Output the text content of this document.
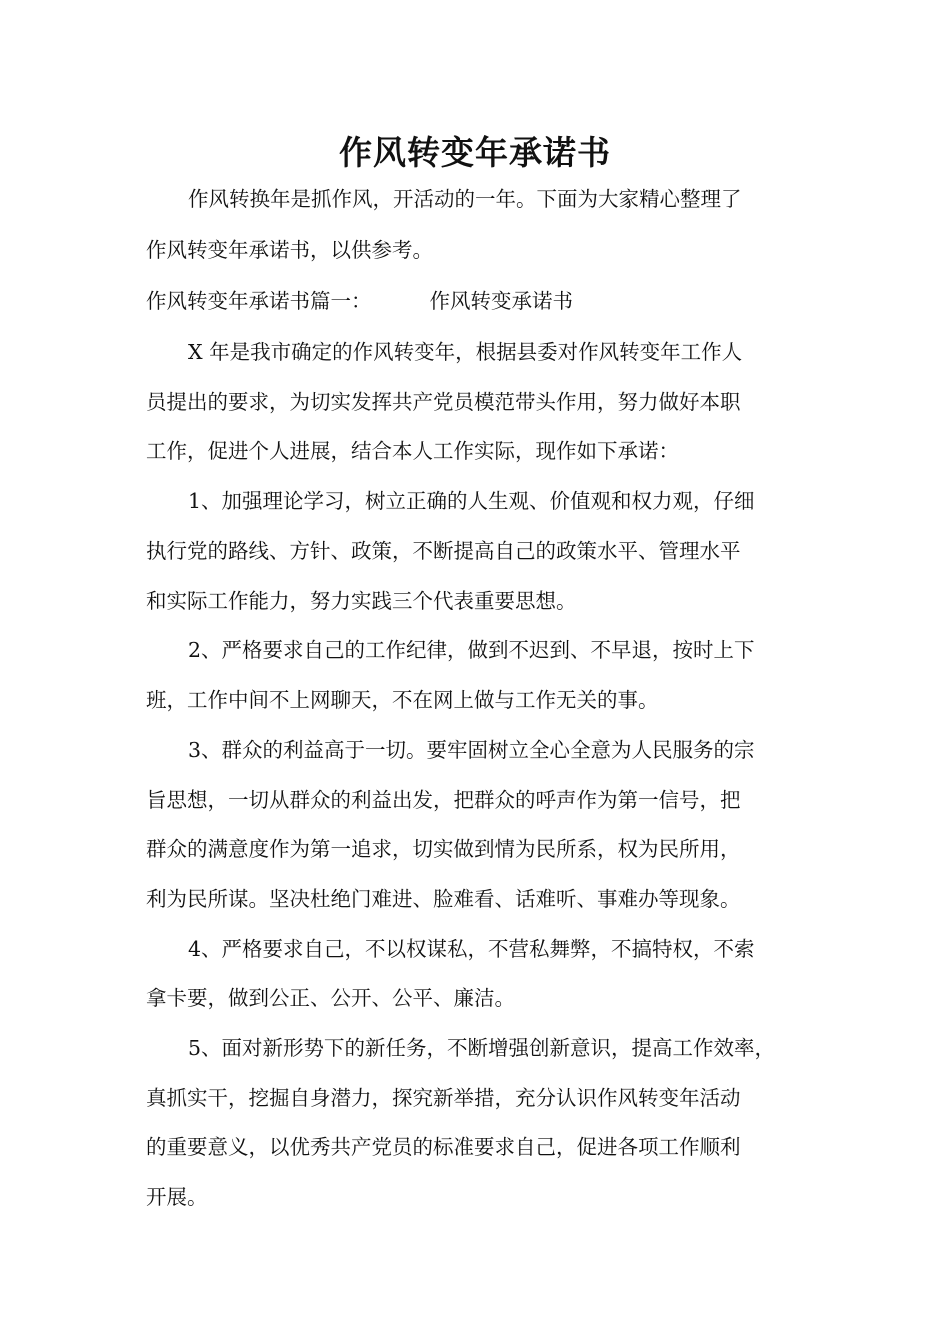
作风转变年承诺书
作风转换年是抓作风，开活动的一年。下面为大家精心整理了
作风转变年承诺书，以供参考。
作风转变年承诺书篇一：	作风转变承诺书
X 年是我市确定的作风转变年，根据县委对作风转变年工作人
员提出的要求，为切实发挥共产党员模范带头作用，努力做好本职
工作，促进个人进展，结合本人工作实际，现作如下承诺：
1、加强理论学习，树立正确的人生观、价值观和权力观，仔细
执行党的路线、方针、政策，不断提高自己的政策水平、管理水平
和实际工作能力，努力实践三个代表重要思想。
2、严格要求自己的工作纪律，做到不迟到、不早退，按时上下
班，工作中间不上网聊天，不在网上做与工作无关的事。
3、群众的利益高于一切。要牢固树立全心全意为人民服务的宗
旨思想，一切从群众的利益出发，把群众的呼声作为第一信号，把
群众的满意度作为第一追求，切实做到情为民所系，权为民所用，
利为民所谋。坚决杜绝门难进、脸难看、话难听、事难办等现象。
4、严格要求自己，不以权谋私，不营私舞弊，不搞特权，不索
拿卡要，做到公正、公开、公平、廉洁。
5、面对新形势下的新任务，不断增强创新意识，提高工作效率，
真抓实干，挖掘自身潜力，探究新举措，充分认识作风转变年活动
的重要意义，以优秀共产党员的标准要求自己，促进各项工作顺利
开展。
